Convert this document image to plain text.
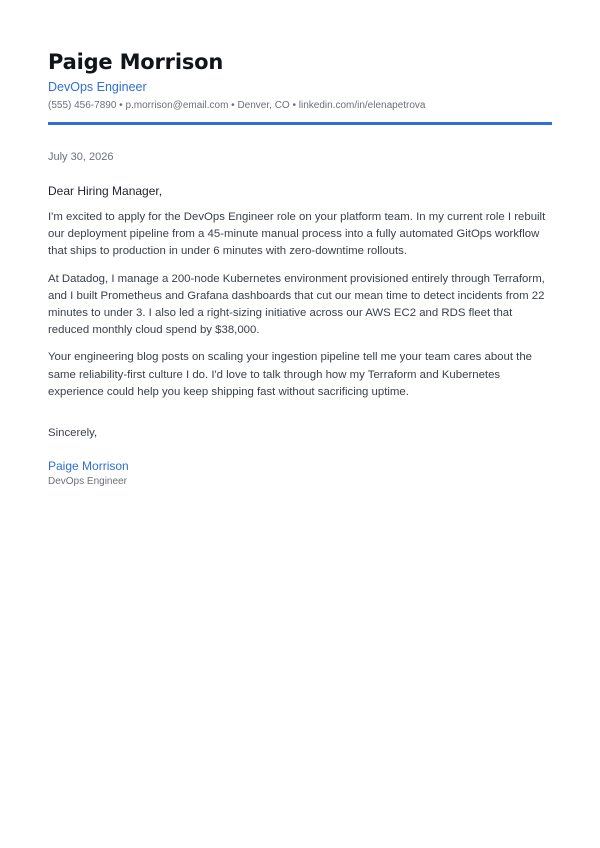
Paige Morrison
DevOps Engineer
(555) 456-7890 • p.morrison@email.com • Denver, CO • linkedin.com/in/elenapetrova
July 30, 2026
Dear Hiring Manager,

I'm excited to apply for the DevOps Engineer role on your platform team. In my current role I rebuilt our deployment pipeline from a 45-minute manual process into a fully automated GitOps workflow that ships to production in under 6 minutes with zero-downtime rollouts.

At Datadog, I manage a 200-node Kubernetes environment provisioned entirely through Terraform, and I built Prometheus and Grafana dashboards that cut our mean time to detect incidents from 22 minutes to under 3. I also led a right-sizing initiative across our AWS EC2 and RDS fleet that reduced monthly cloud spend by $38,000.

Your engineering blog posts on scaling your ingestion pipeline tell me your team cares about the same reliability-first culture I do. I'd love to talk through how my Terraform and Kubernetes experience could help you keep shipping fast without sacrificing uptime.

Sincerely,
Paige Morrison
DevOps Engineer
